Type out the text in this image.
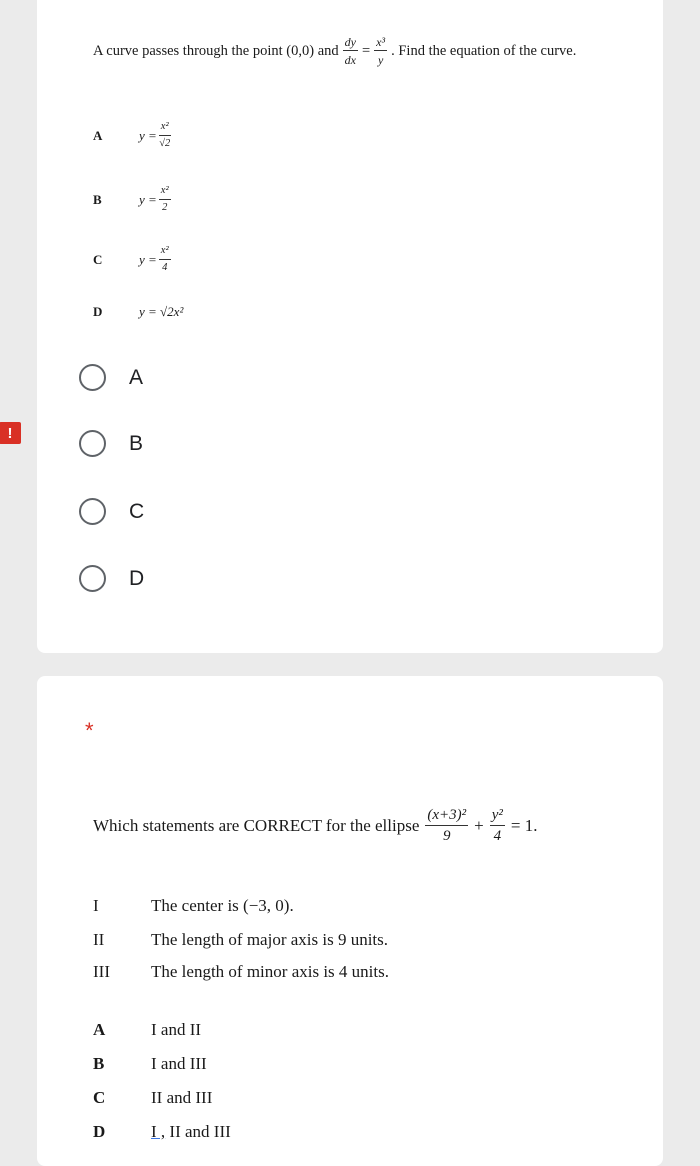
A curve passes through the point (0,0) and $\frac{dy}{dx} = \frac{\text{x³}}{y}$ . Find the equation of the curve.
A	$y = \frac{\text{x²}}{√2}$
B	$y = \frac{\text{x²}}{2}$
C	$y = \frac{\text{x²}}{4}$
D	y = √2x²
A
B
C
D
*
Which statements are CORRECT for the ellipse $\frac{\text{(x+3)²}}{9} + \frac{\text{y²}}{4} = 1$.
I	The center is (−3, 0).
II	The length of major axis is 9 units.
III	The length of minor axis is 4 units.
A	I and II
B	I and III
C	II and III
D	I , II and III
!
